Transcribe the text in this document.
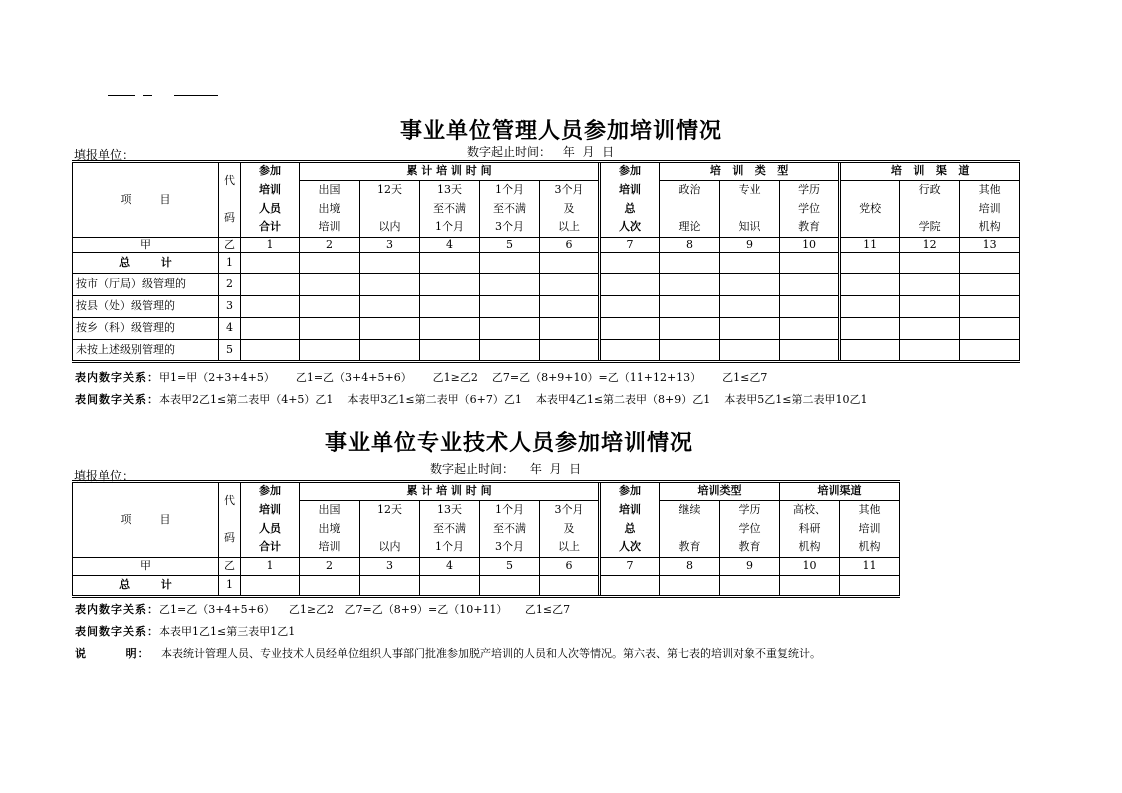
事业单位管理人员参加培训情况
填报单位：	数字起止时间： 年  月  日
项        目	代	参加	累 计 培 训 时 间					参加	培   训   类   型			培   训   渠   道		
		培训	出国	12天	13天	1个月	3个月	培训	政治	专业	学历		行政	其他
	码	人员	出境		至不满	至不满	及	总			学位	党校		培训
		合计	培训	以内	1个月	3个月	以上	人次	理论	知识	教育		学院	机构
甲	乙	1	2	3	4	5	6	7	8	9	10	11	12	13
总        计	1													
按市（厅局）级管理的	2													
按县（处）级管理的	3													
按乡（科）级管理的	4													
未按上述级别管理的	5													
表内数字关系：甲1=甲（2+3+4+5）      乙1=乙（3+4+5+6）      乙1≥乙2    乙7=乙（8+9+10）=乙（11+12+13）      乙1≤乙7
表间数字关系：本表甲2乙1≤第二表甲（4+5）乙1    本表甲3乙1≤第二表甲（6+7）乙1    本表甲4乙1≤第二表甲（8+9）乙1    本表甲5乙1≤第二表甲10乙1
事业单位专业技术人员参加培训情况
填报单位：	数字起止时间： 年  月  日
项        目	代	参加	累 计 培 训 时 间					参加	培训类型		培训渠道	
		培训	出国	12天	13天	1个月	3个月	培训	继续	学历	高校、	其他
	码	人员	出境		至不满	至不满	及	总		学位	科研	培训
		合计	培训	以内	1个月	3个月	以上	人次	教育	教育	机构	机构
甲	乙	1	2	3	4	5	6	7	8	9	10	11
总        计	1											
表内数字关系：乙1=乙（3+4+5+6）    乙1≥乙2   乙7=乙（8+9）=乙（10+11）     乙1≤乙7
表间数字关系：本表甲1乙1≤第三表甲1乙1
说        明： 本表统计管理人员、专业技术人员经单位组织人事部门批准参加脱产培训的人员和人次等情况。第六表、第七表的培训对象不重复统计。
